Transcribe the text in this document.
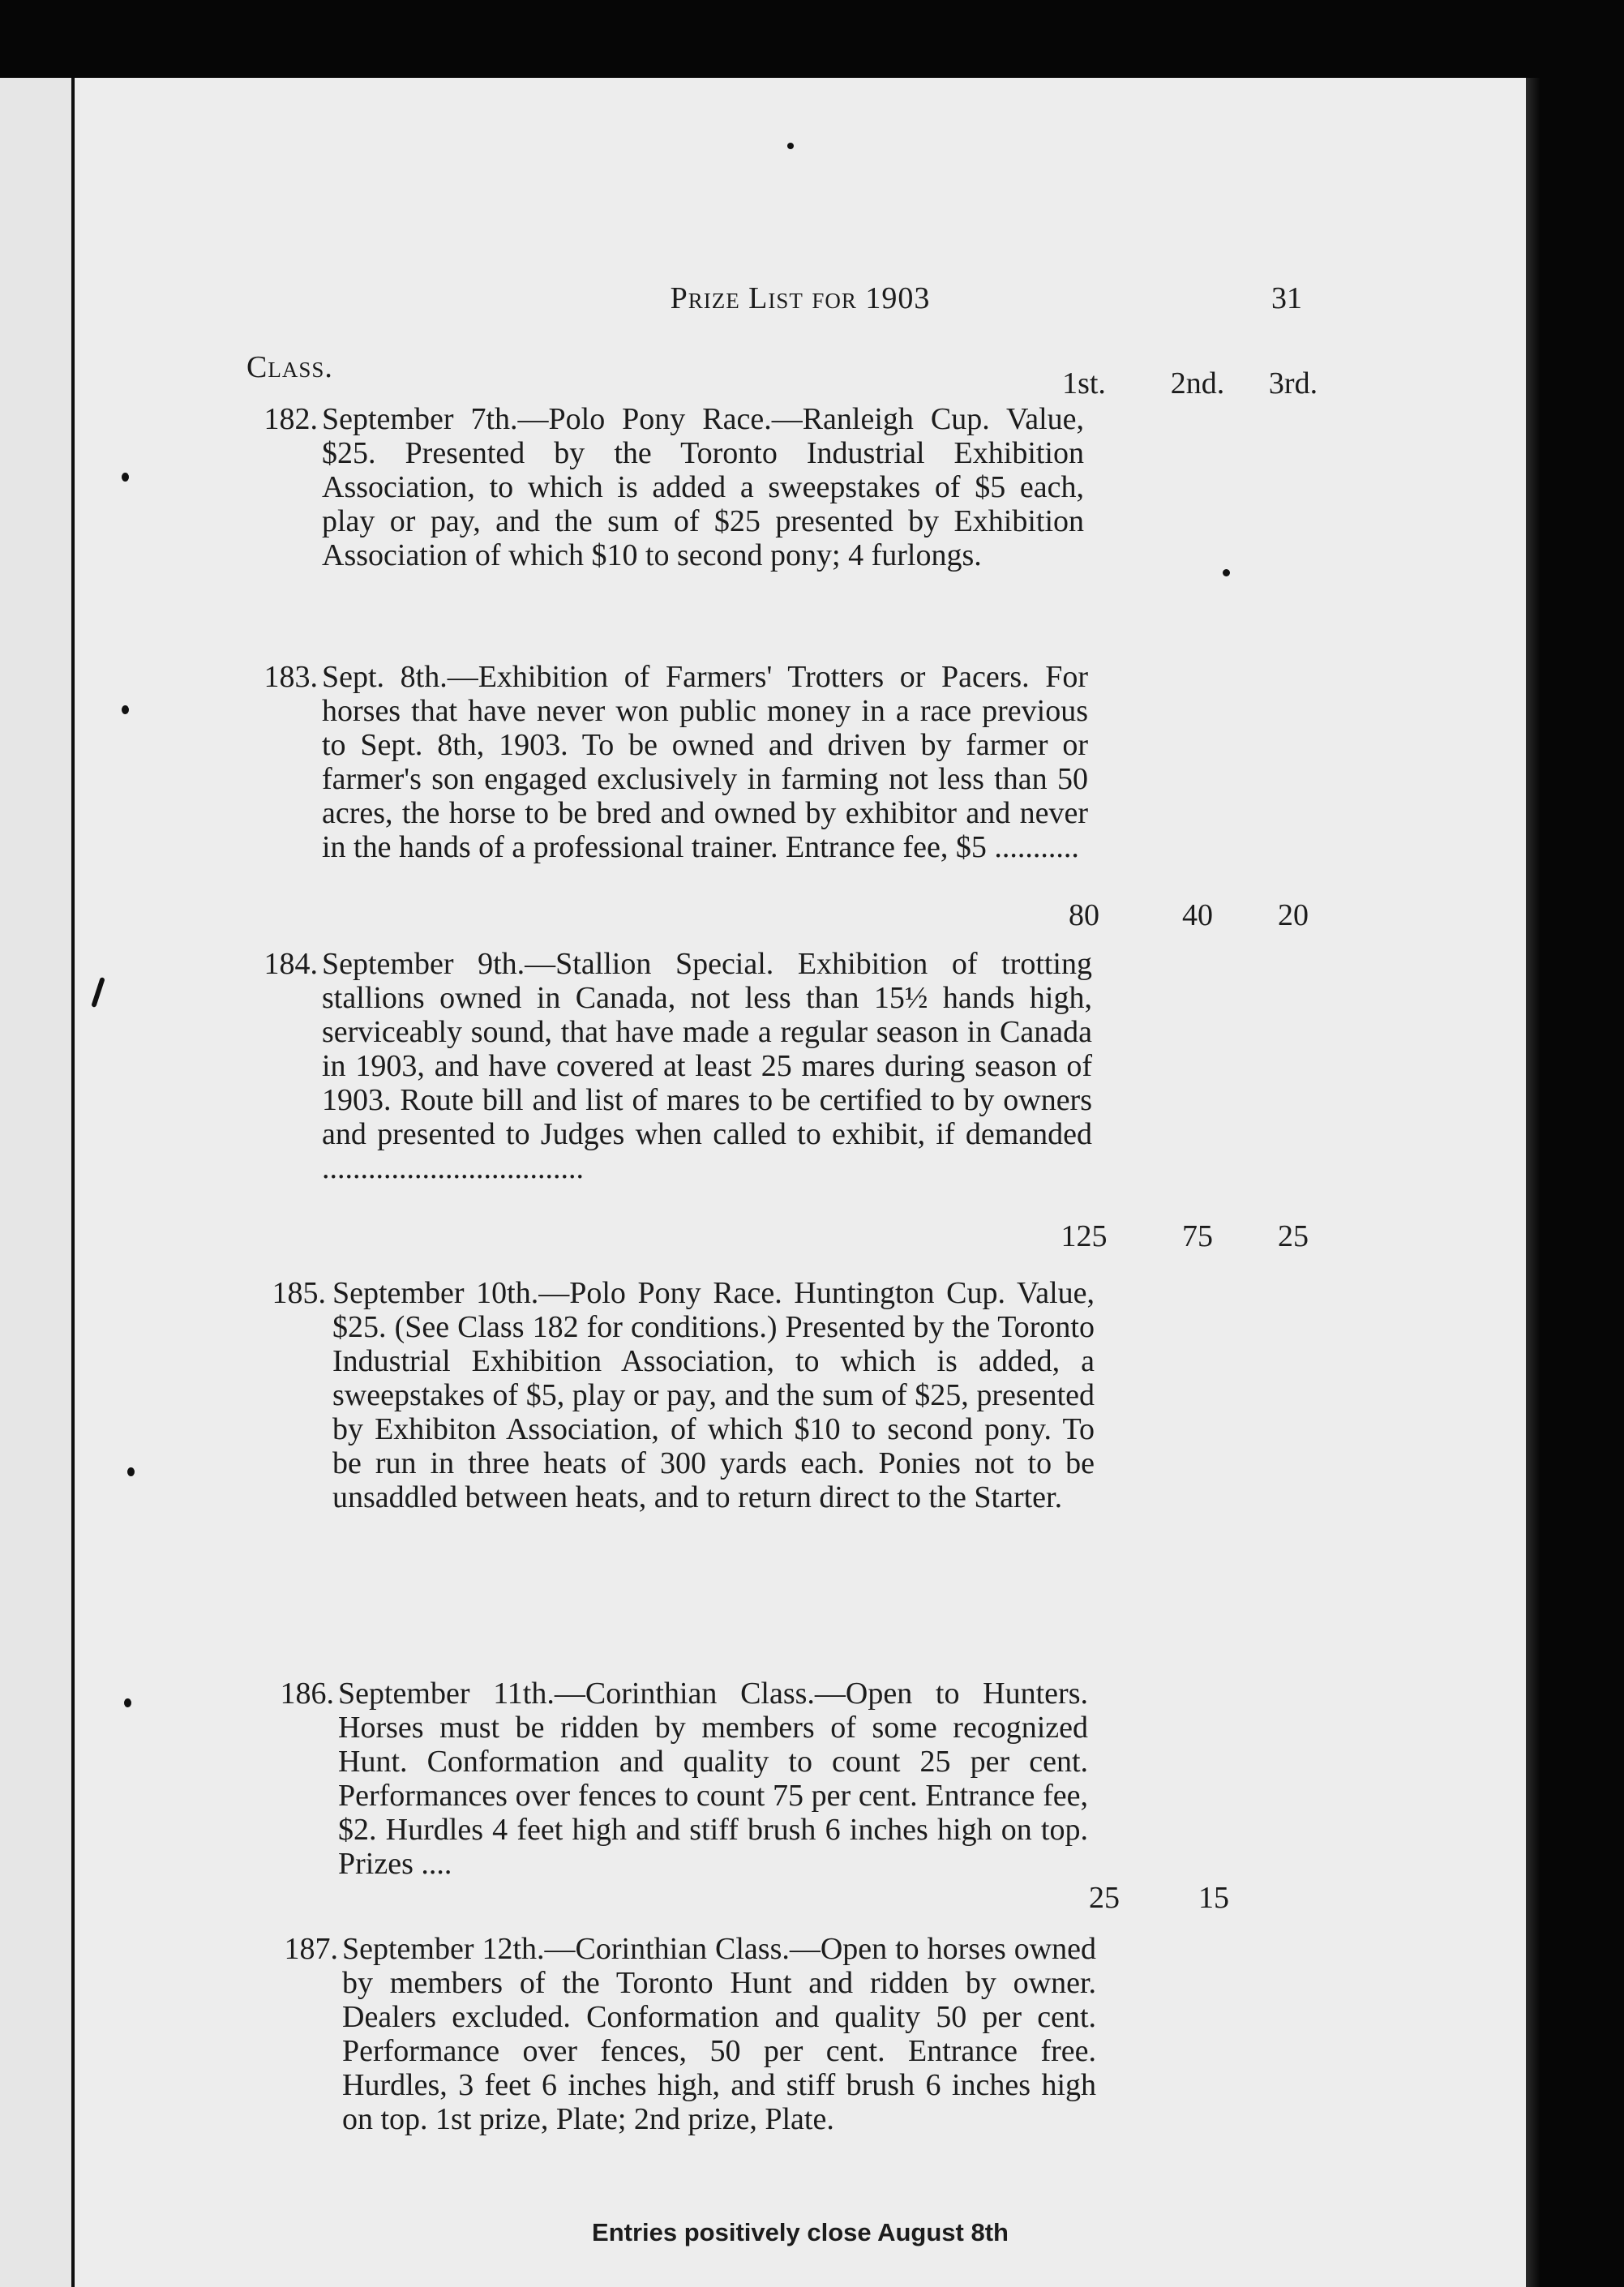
Prize List for 1903	31
Class.	1st.	2nd.	3rd.
182. September 7th.—Polo Pony Race.—Ranleigh Cup. Value, $25. Presented by the Toronto Industrial Exhibition Association, to which is added a sweepstakes of $5 each, play or pay, and the sum of $25 presented by Exhibition Association of which $10 to second pony; 4 furlongs.

183. Sept. 8th.—Exhibition of Farmers' Trotters or Pacers. For horses that have never won public money in a race previous to Sept. 8th, 1903. To be owned and driven by farmer or farmer's son engaged exclusively in farming not less than 50 acres, the horse to be bred and owned by exhibitor and never in the hands of a professional trainer. Entrance fee, $5 ...........

80	40	20
184. September 9th.—Stallion Special. Exhibition of trotting stallions owned in Canada, not less than 15½ hands high, serviceably sound, that have made a regular season in Canada in 1903, and have covered at least 25 mares during season of 1903. Route bill and list of mares to be certified to by owners and presented to Judges when called to exhibit, if demanded ..................................

125	75	25
185. September 10th.—Polo Pony Race. Huntington Cup. Value, $25. (See Class 182 for conditions.) Presented by the Toronto Industrial Exhibition Association, to which is added, a sweepstakes of $5, play or pay, and the sum of $25, presented by Exhibiton Association, of which $10 to second pony. To be run in three heats of 300 yards each. Ponies not to be unsaddled between heats, and to return direct to the Starter.

186. September 11th.—Corinthian Class.—Open to Hunters. Horses must be ridden by members of some recognized Hunt. Conformation and quality to count 25 per cent. Performances over fences to count 75 per cent. Entrance fee, $2. Hurdles 4 feet high and stiff brush 6 inches high on top. Prizes ....

25	15
187. September 12th.—Corinthian Class.—Open to horses owned by members of the Toronto Hunt and ridden by owner. Dealers excluded. Conformation and quality 50 per cent. Performance over fences, 50 per cent. Entrance free. Hurdles, 3 feet 6 inches high, and stiff brush 6 inches high on top. 1st prize, Plate; 2nd prize, Plate.

Entries positively close August 8th
